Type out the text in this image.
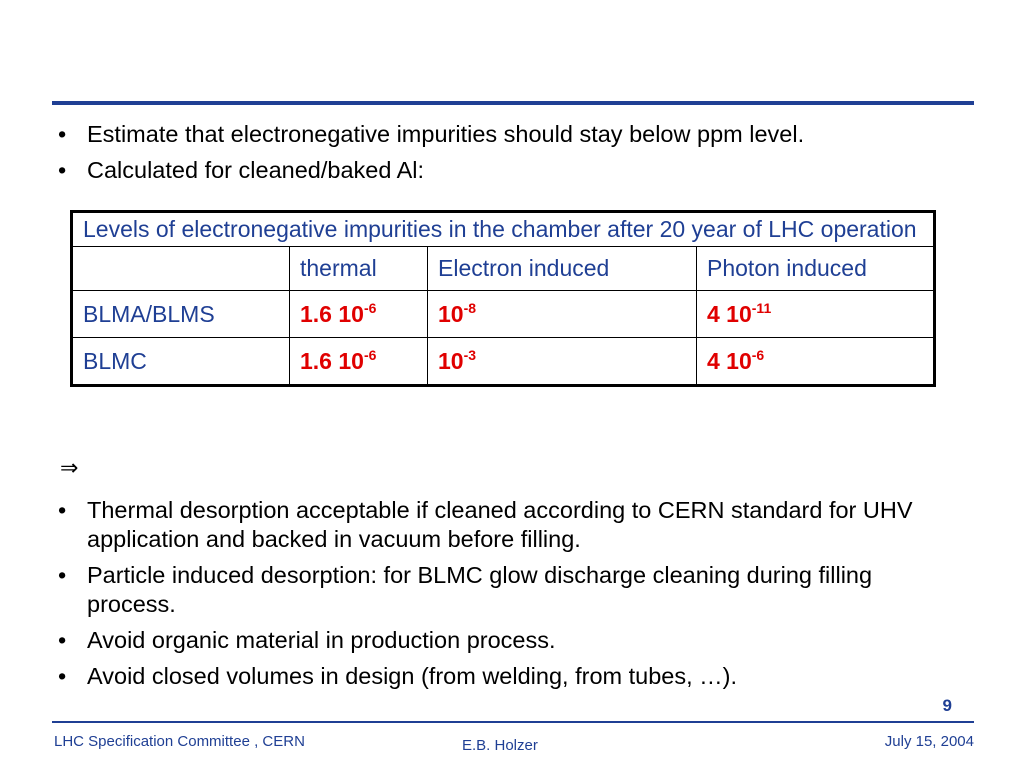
• Estimate that electronegative impurities should stay below ppm level.
• Calculated for cleaned/baked Al:
Levels of electronegative impurities in the chamber after 20 year of LHC operation			
	thermal	Electron induced	Photon induced
BLMA/BLMS	1.6 $10^{-6}$	$10^{-8}$	4 $10^{-11}$
BLMC	1.6 $10^{-6}$	$10^{-3}$	4 $10^{-6}$
⇒
• Thermal desorption acceptable if cleaned according to CERN standard for UHV application and backed in vacuum before filling.
• Particle induced desorption: for BLMC glow discharge cleaning during filling process.
• Avoid organic material in production process.
• Avoid closed volumes in design (from welding, from tubes, …).
9
LHC Specification Committee , CERN	E.B. Holzer	July 15, 2004
